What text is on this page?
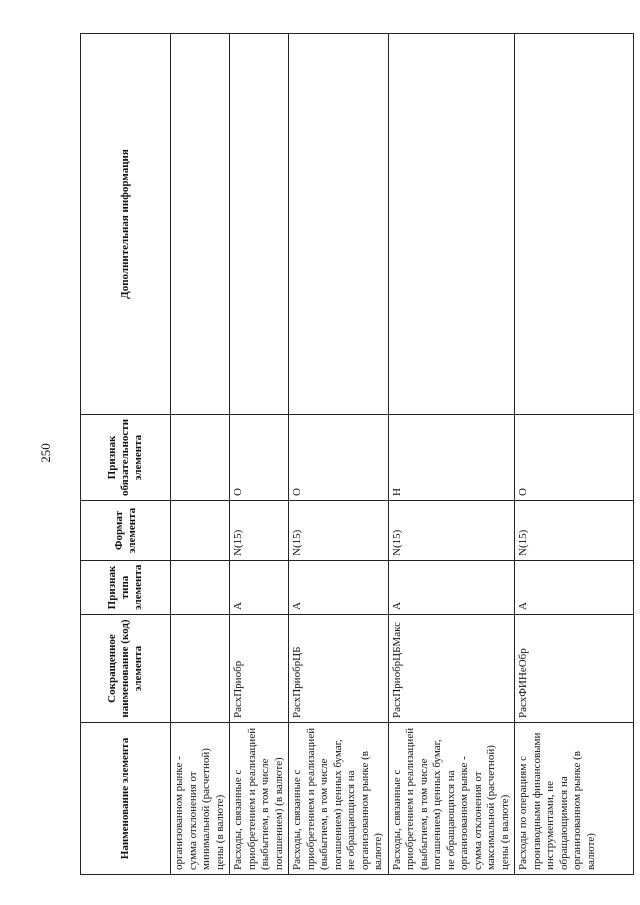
250
Наименование элемента	Сокращенное наименование (код) элемента	Признак типа элемента	Формат элемента	Признак обязательности элемента	Дополнительная информация
организованном рынке - сумма отклонения от минимальной (расчетной) цены (в валюте)					
Расходы, связанные с приобретением и реализацией (выбытием, в том числе погашением) (в валюте)	РасхПриобр	А	N(15)	О	
Расходы, связанные с приобретением и реализацией (выбытием, в том числе погашением) ценных бумаг, не обращающихся на организованном рынке (в валюте)	РасхПриобрЦБ	А	N(15)	О	
Расходы, связанные с приобретением и реализацией (выбытием, в том числе погашением) ценных бумаг, не обращающихся на организованном рынке - сумма отклонения от максимальной (расчетной) цены (в валюте)	РасхПриобрЦБМакс	А	N(15)	Н	
Расходы по операциям с производными финансовыми инструментами, не обращающимися на организованном рынке (в валюте)	РасхФИНеОбр	А	N(15)	О	
